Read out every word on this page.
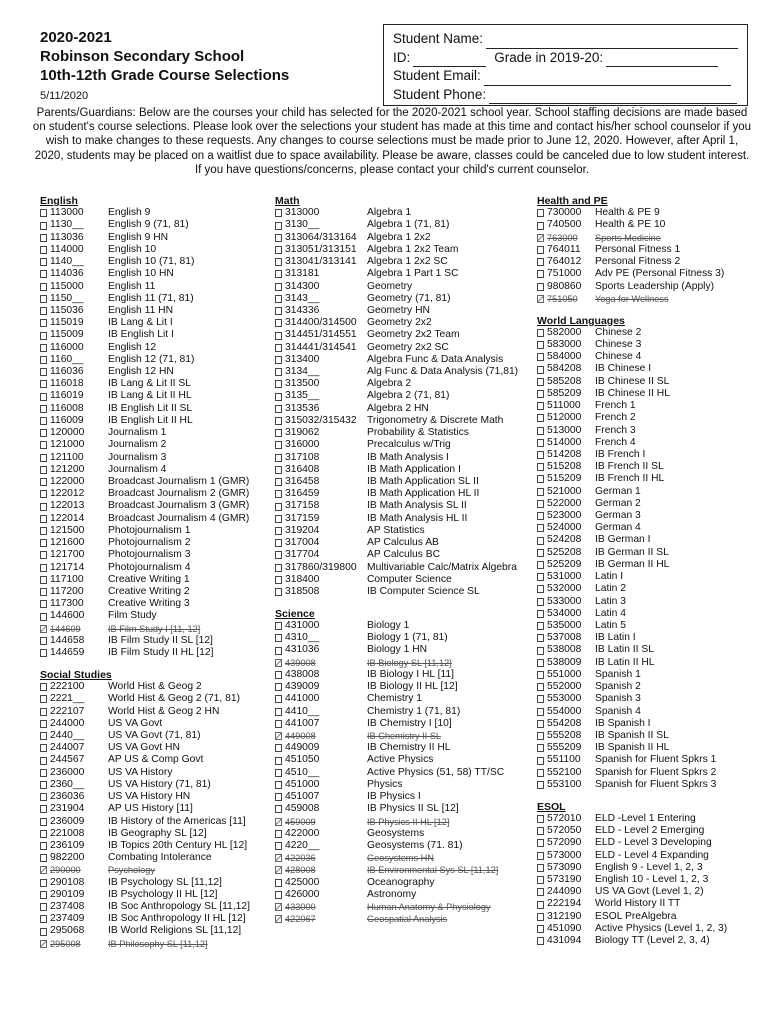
2020-2021
Robinson Secondary School
10th-12th Grade Course Selections
5/11/2020
Student Name:
ID:	Grade in 2019-20:
Student Email:
Student Phone:
Parents/Guardians: Below are the courses your child has selected for the 2020-2021 school year. School staffing decisions are made based on student's course selections. Please look over the selections your student has made at this time and contact his/her school counselor if you wish to make changes to these requests. Any changes to course selections must be made prior to June 12, 2020. However, after April 1, 2020, students may be placed on a waitlist due to space availability. Please be aware, classes could be canceled due to low student interest. If you have questions/concerns, please contact your child's current counselor.
English
113000	English 9
1130__	English 9 (71, 81)
113036	English 9 HN
114000	English 10
1140__	English 10 (71, 81)
114036	English 10 HN
115000	English 11
1150__	English 11 (71, 81)
115036	English 11 HN
115019	IB Lang & Lit I
115009	IB English Lit I
116000	English 12
1160__	English 12 (71, 81)
116036	English 12 HN
116018	IB Lang & Lit II SL
116019	IB Lang & Lit II HL
116008	IB English Lit II SL
116009	IB English Lit II HL
120000	Journalism 1
121000	Journalism 2
121100	Journalism 3
121200	Journalism 4
122000	Broadcast Journalism 1 (GMR)
122012	Broadcast Journalism 2 (GMR)
122013	Broadcast Journalism 3 (GMR)
122014	Broadcast Journalism 4 (GMR)
121500	Photojournalism 1
121600	Photojournalism 2
121700	Photojournalism 3
121714	Photojournalism 4
117100	Creative Writing 1
117200	Creative Writing 2
117300	Creative Writing 3
144600	Film Study
144609	IB Film Study I [11, 12]
144658	IB Film Study II SL [12]
144659	IB Film Study II HL [12]
Social Studies
222100	World Hist & Geog 2
2221__	World Hist & Geog 2 (71, 81)
222107	World Hist & Geog 2 HN
244000	US VA Govt
2440__	US VA Govt (71, 81)
244007	US VA Govt HN
244567	AP US & Comp Govt
236000	US VA History
2360__	US VA History (71, 81)
236036	US VA History HN
231904	AP US History [11]
236009	IB History of the Americas [11]
221008	IB Geography SL [12]
236109	IB Topics 20th Century HL [12]
982200	Combating Intolerance
290000	Psychology
290108	IB Psychology SL [11,12]
290109	IB Psychology II HL [12]
237408	IB Soc Anthropology SL [11,12]
237409	IB Soc Anthropology II HL [12]
295068	IB World Religions SL [11,12]
295008	IB Philosophy SL [11,12]
Math
313000	Algebra 1
3130__	Algebra 1 (71, 81)
313064/313164	Algebra 1 2x2
313051/313151	Algebra 1 2x2 Team
313041/313141	Algebra 1 2x2 SC
313181	Algebra 1 Part 1 SC
314300	Geometry
3143__	Geometry (71, 81)
314336	Geometry HN
314400/314500	Geometry 2x2
314451/314551	Geometry 2x2 Team
314441/314541	Geometry 2x2 SC
313400	Algebra Func & Data Analysis
3134__	Alg Func & Data Analysis (71,81)
313500	Algebra 2
3135__	Algebra 2 (71, 81)
313536	Algebra 2 HN
315032/315432	Trigonometry & Discrete Math
319062	Probability & Statistics
316000	Precalculus w/Trig
317108	IB Math Analysis I
316408	IB Math Application I
316458	IB Math Application SL II
316459	IB Math Application HL II
317158	IB Math Analysis SL II
317159	IB Math Analysis HL II
319204	AP Statistics
317004	AP Calculus AB
317704	AP Calculus BC
317860/319800	Multivariable Calc/Matrix Algebra
318400	Computer Science
318508	IB Computer Science SL
Science
431000	Biology 1
4310__	Biology 1 (71, 81)
431036	Biology 1 HN
439008	IB Biology SL [11,12]
438008	IB Biology I HL [11]
439009	IB Biology II HL [12]
441000	Chemistry 1
4410__	Chemistry 1 (71, 81)
441007	IB Chemistry I [10]
449008	IB Chemistry II SL
449009	IB Chemistry II HL
451050	Active Physics
4510__	Active Physics (51, 58) TT/SC
451000	Physics
451007	IB Physics I
459008	IB Physics II SL [12]
459009	IB Physics II HL [12]
422000	Geosystems
4220__	Geosystems (71. 81)
422036	Geosystems HN
428008	IB Environmental Sys SL [11,12]
425000	Oceanography
426000	Astronomy
433000	Human Anatomy & Physiology
422067	Geospatial Analysis
Health and PE
730000	Health & PE 9
740500	Health & PE 10
763000	Sports Medicine
764011	Personal Fitness 1
764012	Personal Fitness 2
751000	Adv PE (Personal Fitness 3)
980860	Sports Leadership (Apply)
751050	Yoga for Wellness
World Languages
582000	Chinese 2
583000	Chinese 3
584000	Chinese 4
584208	IB Chinese I
585208	IB Chinese II SL
585209	IB Chinese II HL
511000	French 1
512000	French 2
513000	French 3
514000	French 4
514208	IB French I
515208	IB French II SL
515209	IB French II HL
521000	German 1
522000	German 2
523000	German 3
524000	German 4
524208	IB German I
525208	IB German II SL
525209	IB German II HL
531000	Latin I
532000	Latin 2
533000	Latin 3
534000	Latin 4
535000	Latin 5
537008	IB Latin I
538008	IB Latin II SL
538009	IB Latin II HL
551000	Spanish 1
552000	Spanish 2
553000	Spanish 3
554000	Spanish 4
554208	IB Spanish I
555208	IB Spanish II SL
555209	IB Spanish II HL
551100	Spanish for Fluent Spkrs 1
552100	Spanish for Fluent Spkrs 2
553100	Spanish for Fluent Spkrs 3
ESOL
572010	ELD -Level 1 Entering
572050	ELD - Level 2 Emerging
572090	ELD - Level 3 Developing
573000	ELD - Level 4 Expanding
573090	English 9 - Level 1, 2, 3
573190	English 10 - Level 1, 2, 3
244090	US VA Govt (Level 1, 2)
222194	World History II TT
312190	ESOL PreAlgebra
451090	Active Physics (Level 1, 2, 3)
431094	Biology TT (Level 2, 3, 4)
